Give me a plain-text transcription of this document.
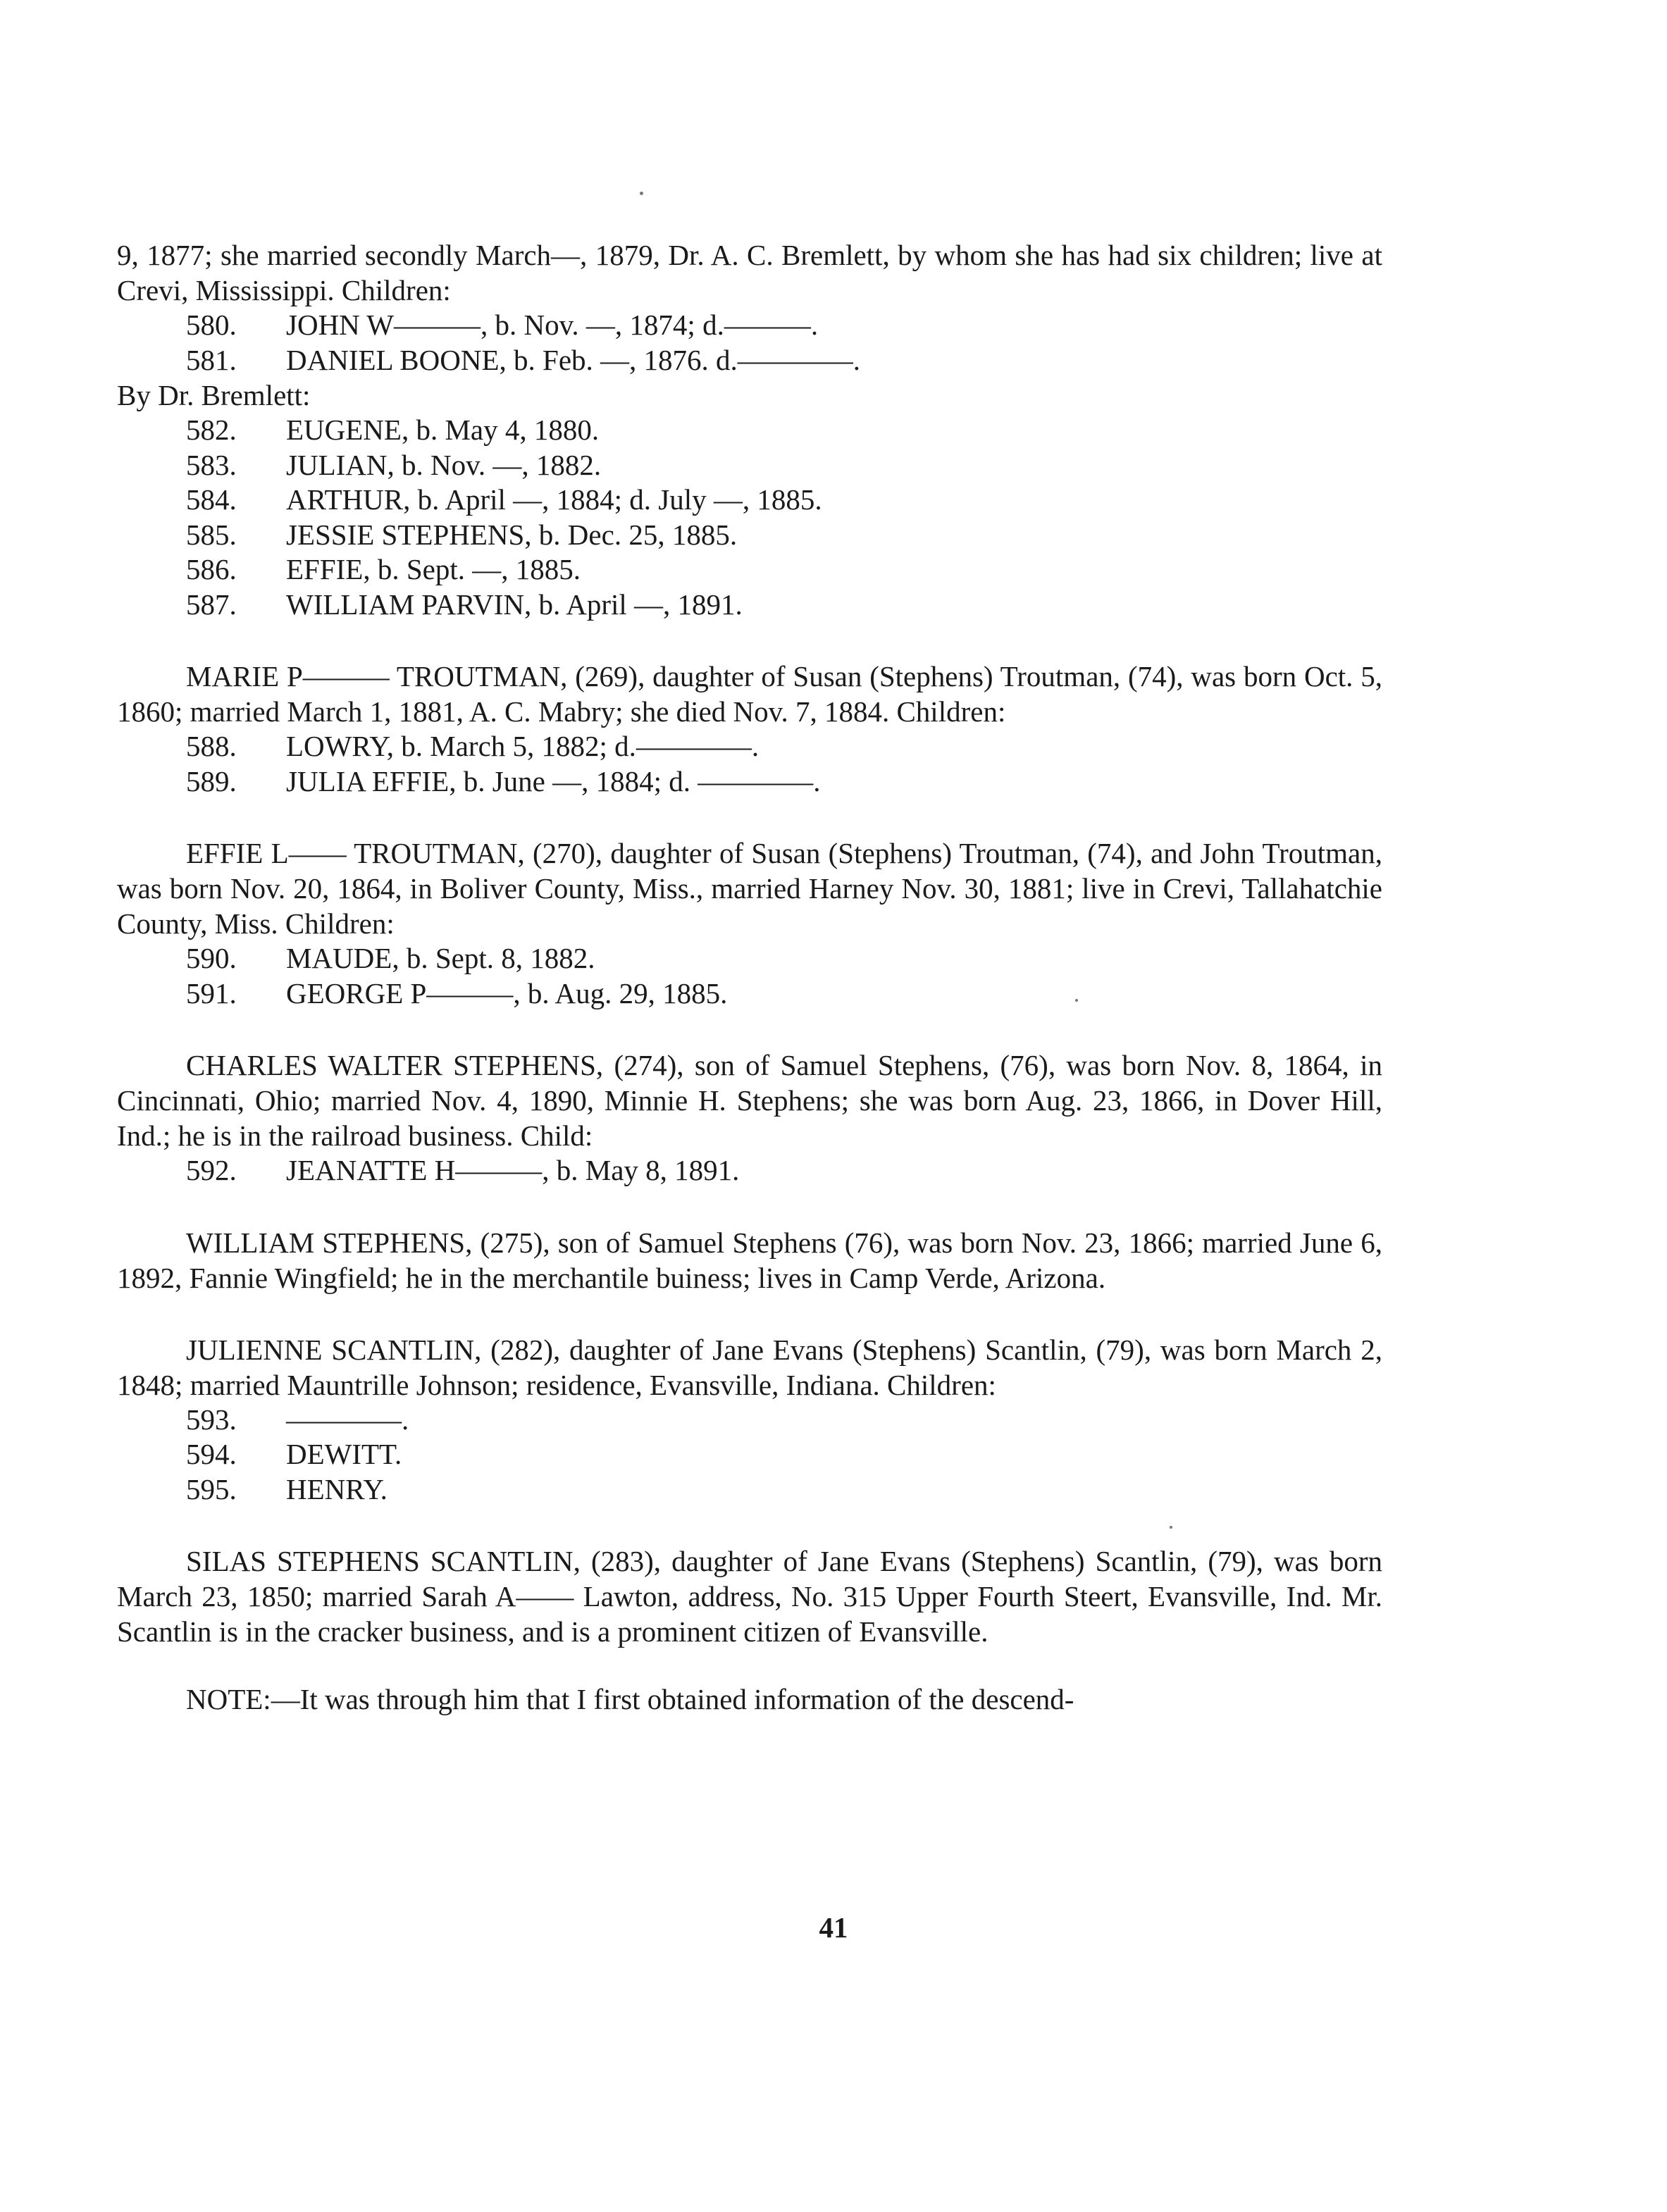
9, 1877; she married secondly March—, 1879, Dr. A. C. Bremlett, by whom she has had six children; live at Crevi, Mississippi. Children:

580. JOHN W———, b. Nov. —, 1874; d.———.

581. DANIEL BOONE, b. Feb. —, 1876. d.————.

By Dr. Bremlett:

582. EUGENE, b. May 4, 1880.

583. JULIAN, b. Nov. —, 1882.

584. ARTHUR, b. April —, 1884; d. July —, 1885.

585. JESSIE STEPHENS, b. Dec. 25, 1885.

586. EFFIE, b. Sept. —, 1885.

587. WILLIAM PARVIN, b. April —, 1891.

MARIE P——— TROUTMAN, (269), daughter of Susan (Stephens) Troutman, (74), was born Oct. 5, 1860; married March 1, 1881, A. C. Mabry; she died Nov. 7, 1884. Children:

588. LOWRY, b. March 5, 1882; d.————.

589. JULIA EFFIE, b. June —, 1884; d. ————.

EFFIE L—— TROUTMAN, (270), daughter of Susan (Stephens) Troutman, (74), and John Troutman, was born Nov. 20, 1864, in Boliver County, Miss., married Harney Nov. 30, 1881; live in Crevi, Tallahatchie County, Miss. Children:

590. MAUDE, b. Sept. 8, 1882.

591. GEORGE P———, b. Aug. 29, 1885.

CHARLES WALTER STEPHENS, (274), son of Samuel Stephens, (76), was born Nov. 8, 1864, in Cincinnati, Ohio; married Nov. 4, 1890, Minnie H. Stephens; she was born Aug. 23, 1866, in Dover Hill, Ind.; he is in the railroad business. Child:

592. JEANATTE H———, b. May 8, 1891.

WILLIAM STEPHENS, (275), son of Samuel Stephens (76), was born Nov. 23, 1866; married June 6, 1892, Fannie Wingfield; he in the merchantile buiness; lives in Camp Verde, Arizona.

JULIENNE SCANTLIN, (282), daughter of Jane Evans (Stephens) Scantlin, (79), was born March 2, 1848; married Mauntrille Johnson; residence, Evansville, Indiana. Children:

593. ————.

594. DEWITT.

595. HENRY.

SILAS STEPHENS SCANTLIN, (283), daughter of Jane Evans (Stephens) Scantlin, (79), was born March 23, 1850; married Sarah A—— Lawton, address, No. 315 Upper Fourth Steert, Evansville, Ind. Mr. Scantlin is in the cracker business, and is a prominent citizen of Evansville.

NOTE:—It was through him that I first obtained information of the descend-

41
